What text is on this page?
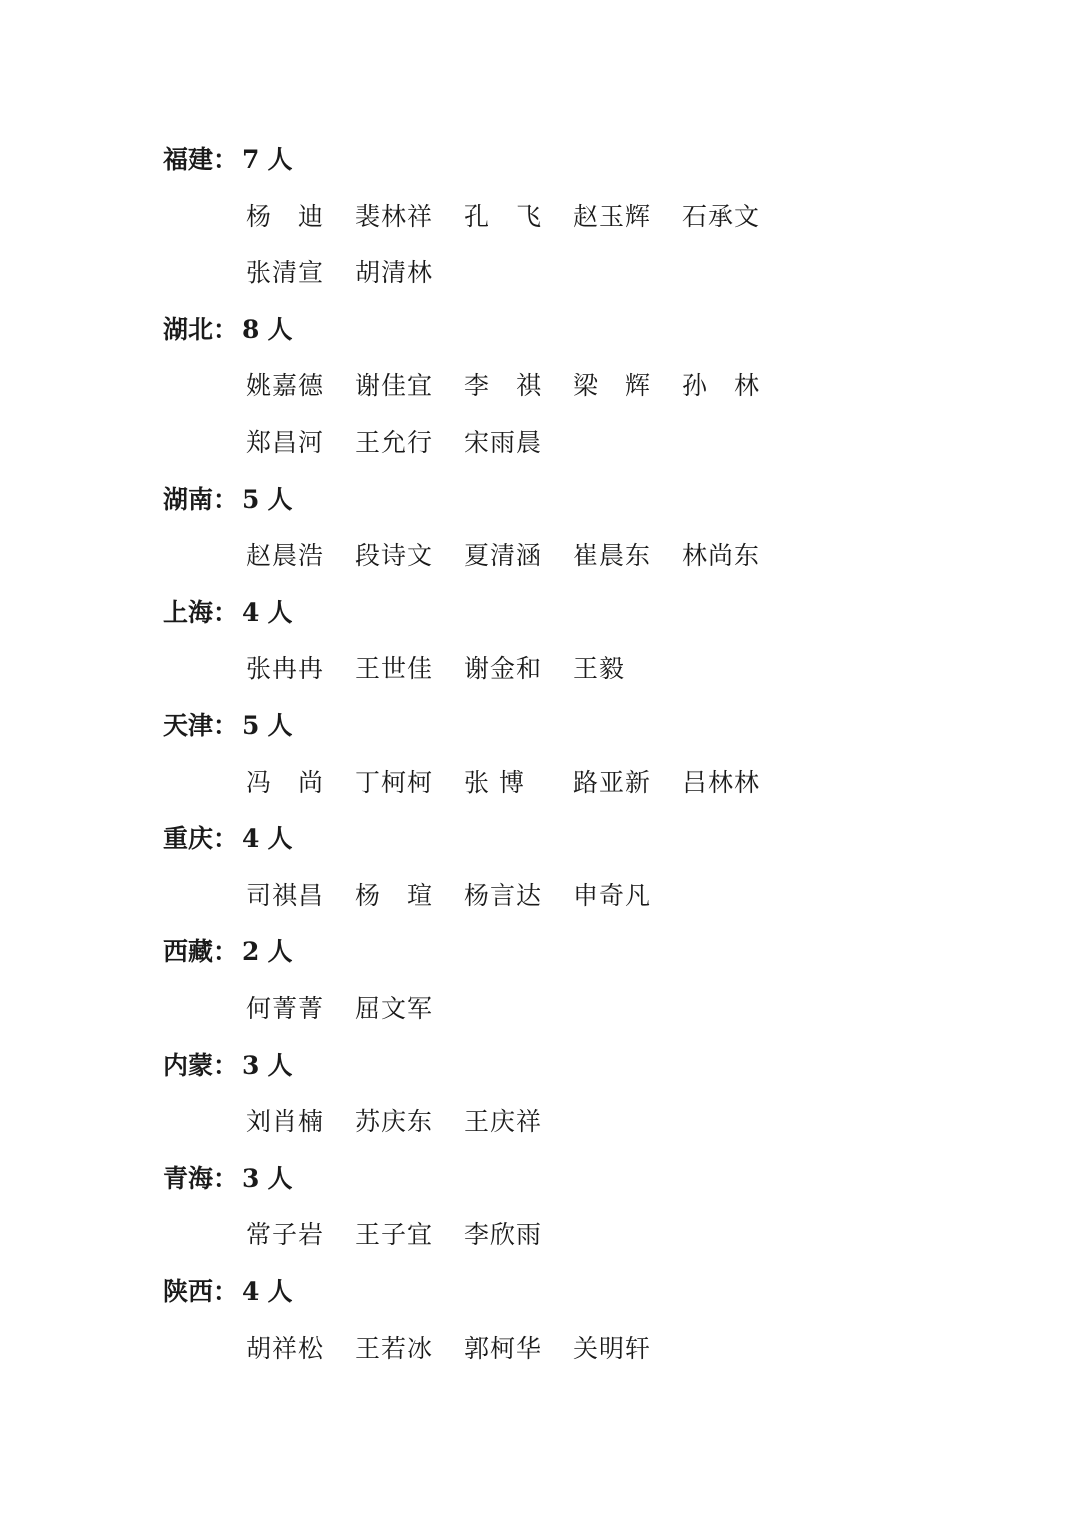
福建： 7 人
杨　迪 裴林祥 孔　飞 赵玉辉 石承文
张清宣 胡清林
湖北： 8 人
姚嘉德 谢佳宜 李　祺 梁　辉 孙　林
郑昌河 王允行 宋雨晨
湖南： 5 人
赵晨浩 段诗文 夏清涵 崔晨东 林尚东
上海： 4 人
张冉冉 王世佳 谢金和 王毅
天津： 5 人
冯　尚 丁柯柯 张 博	路亚新 吕林林
重庆： 4 人
司祺昌 杨　瑄 杨言达 申奇凡
西藏： 2 人
何菁菁 屈文军
内蒙： 3 人
刘肖楠 苏庆东 王庆祥
青海： 3 人
常子岩 王子宜 李欣雨
陕西： 4 人
胡祥松 王若冰 郭柯华 关明轩
